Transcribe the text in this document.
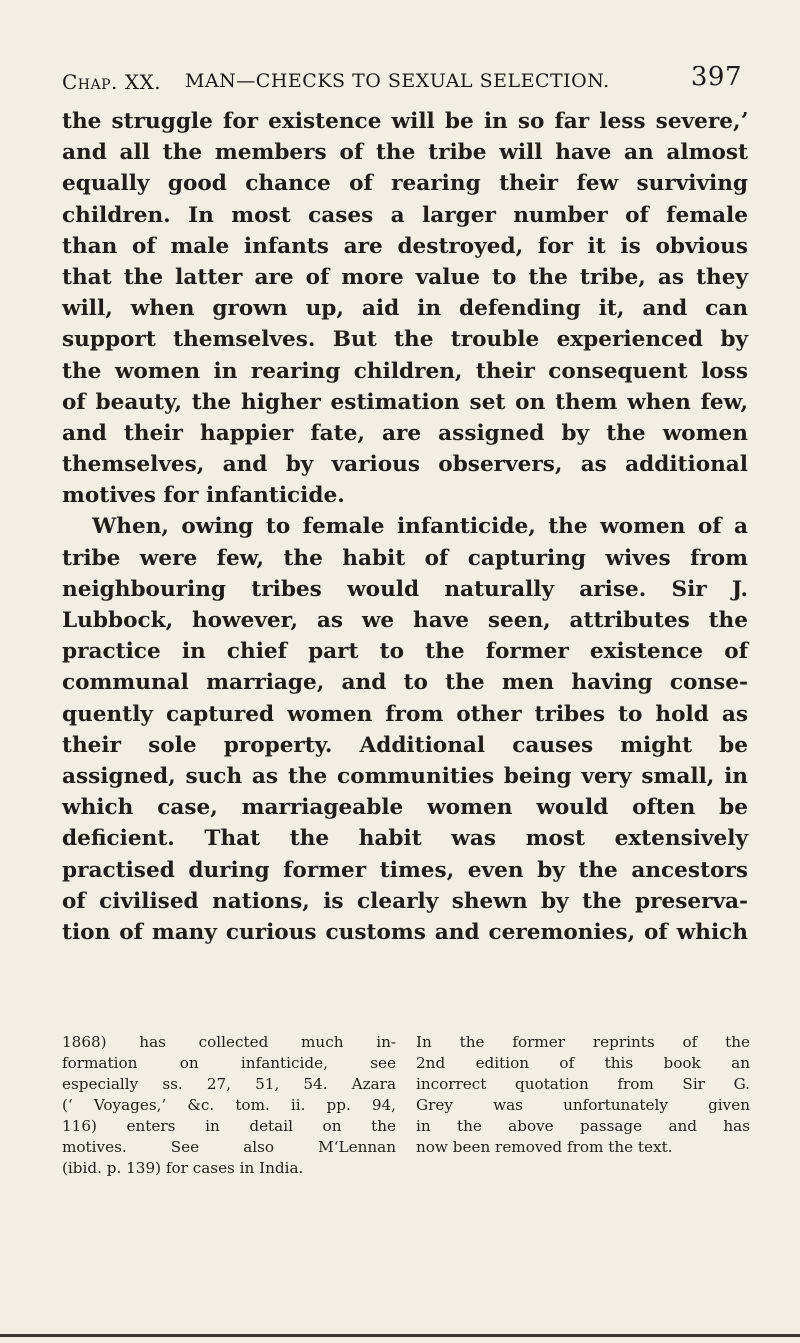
Chap. XX. MAN—CHECKS TO SEXUAL SELECTION.	397
the struggle for existence will be in so far less severe,ʼ
and all the members of the tribe will have an almost
equally good chance of rearing their few surviving
children. In most cases a larger number of female
than of male infants are destroyed, for it is obvious
that the latter are of more value to the tribe, as they
will, when grown up, aid in defending it, and can
support themselves. But the trouble experienced by
the women in rearing children, their consequent loss
of beauty, the higher estimation set on them when few,
and their happier fate, are assigned by the women
themselves, and by various observers, as additional
motives for infanticide.
When, owing to female infanticide, the women of a
tribe were few, the habit of capturing wives from
neighbouring tribes would naturally arise. Sir J.
Lubbock, however, as we have seen, attributes the
practice in chief part to the former existence of
communal marriage, and to the men having conse-
quently captured women from other tribes to hold as
their sole property. Additional causes might be
assigned, such as the communities being very small, in
which case, marriageable women would often be
deficient. That the habit was most extensively
practised during former times, even by the ancestors
of civilised nations, is clearly shewn by the preserva-
tion of many curious customs and ceremonies, of which
1868) has collected much in-
formation on infanticide, see
especially ss. 27, 51, 54. Azara
(‘ Voyages,’ &c. tom. ii. pp. 94,
116) enters in detail on the
motives. See also M‘Lennan
(ibid. p. 139) for cases in India.
In the former reprints of the
2nd edition of this book an
incorrect quotation from Sir G.
Grey was unfortunately given
in the above passage and has
now been removed from the text.
